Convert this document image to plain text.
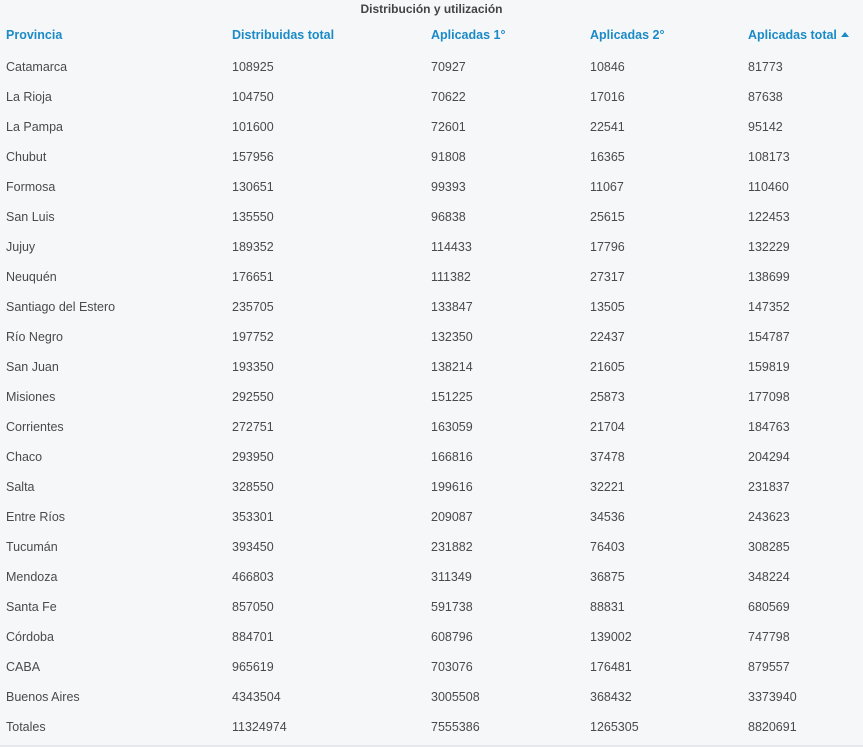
Distribución y utilización
Provincia	Distribuidas total	Aplicadas 1°	Aplicadas 2°	Aplicadas total
Catamarca	108925	70927	10846	81773
La Rioja	104750	70622	17016	87638
La Pampa	101600	72601	22541	95142
Chubut	157956	91808	16365	108173
Formosa	130651	99393	11067	110460
San Luis	135550	96838	25615	122453
Jujuy	189352	114433	17796	132229
Neuquén	176651	111382	27317	138699
Santiago del Estero	235705	133847	13505	147352
Río Negro	197752	132350	22437	154787
San Juan	193350	138214	21605	159819
Misiones	292550	151225	25873	177098
Corrientes	272751	163059	21704	184763
Chaco	293950	166816	37478	204294
Salta	328550	199616	32221	231837
Entre Ríos	353301	209087	34536	243623
Tucumán	393450	231882	76403	308285
Mendoza	466803	311349	36875	348224
Santa Fe	857050	591738	88831	680569
Córdoba	884701	608796	139002	747798
CABA	965619	703076	176481	879557
Buenos Aires	4343504	3005508	368432	3373940
Totales	11324974	7555386	1265305	8820691
